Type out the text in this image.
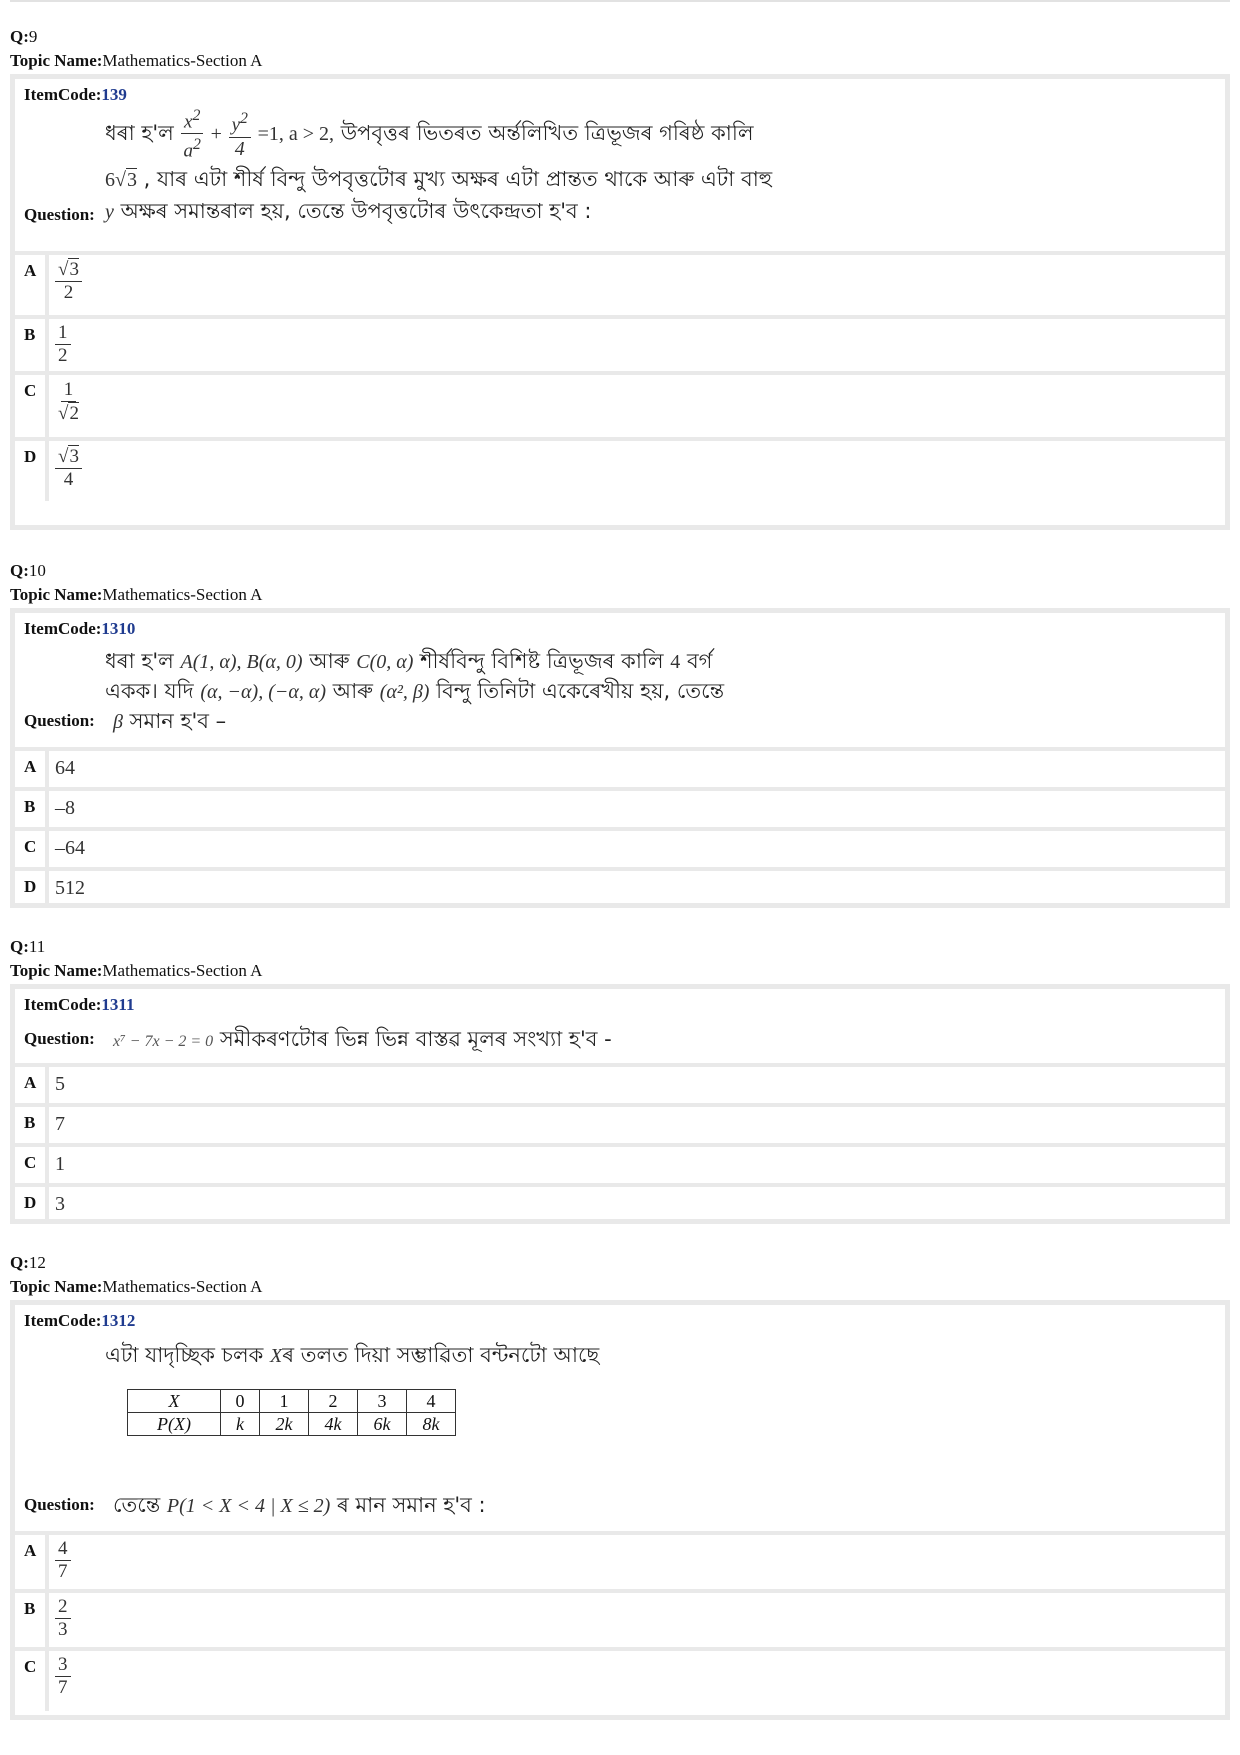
Q:9
Topic Name:Mathematics-Section A
ItemCode:139
ধৰা হ'ল $\frac{x^2}{a^2} + \frac{y^2}{4} =1$, a > 2, উপবৃত্তৰ ভিতৰত অৰ্ন্তলিখিত ত্ৰিভূজৰ গৰিষ্ঠ কালি
6√3 , যাৰ এটা শীৰ্ষ বিন্দু উপবৃত্তটোৰ মুখ্য অক্ষৰ এটা প্ৰান্তত থাকে আৰু এটা বাহু
Question: y অক্ষৰ সমান্তৰাল হয়, তেন্তে উপবৃত্তটোৰ উৎকেন্দ্ৰতা হ'ব :
A $\frac{√3}{2}$
B $\frac{1}{2}$
C $\frac{1}{√2}$
D $\frac{√3}{4}$
Q:10
Topic Name:Mathematics-Section A
ItemCode:1310
ধৰা হ'ল A(1, α), B(α, 0) আৰু C(0, α) শীৰ্ষবিন্দু বিশিষ্ট ত্ৰিভূজৰ কালি 4 বৰ্গ
একক। যদি (α, −α), (−α, α) আৰু (α², β) বিন্দু তিনিটা একেৰেখীয় হয়, তেন্তে
Question: β সমান হ'ব –
A 64
B –8
C –64
D 512
Q:11
Topic Name:Mathematics-Section A
ItemCode:1311
Question: x⁷ − 7x − 2 = 0 সমীকৰণটোৰ ভিন্ন ভিন্ন বাস্তৱ মূলৰ সংখ্যা হ'ব -
A 5
B 7
C 1
D 3
Q:12
Topic Name:Mathematics-Section A
ItemCode:1312
এটা যাদৃচ্ছিক চলক Xৰ তলত দিয়া সম্ভাৱিতা বন্টনটো আছে
X	0	1	2	3	4
P(X)	k	2k	4k	6k	8k
Question: তেন্তে P(1 < X < 4 | X ≤ 2) ৰ মান সমান হ'ব :
A $\frac{4}{7}$
B $\frac{2}{3}$
C $\frac{3}{7}$
